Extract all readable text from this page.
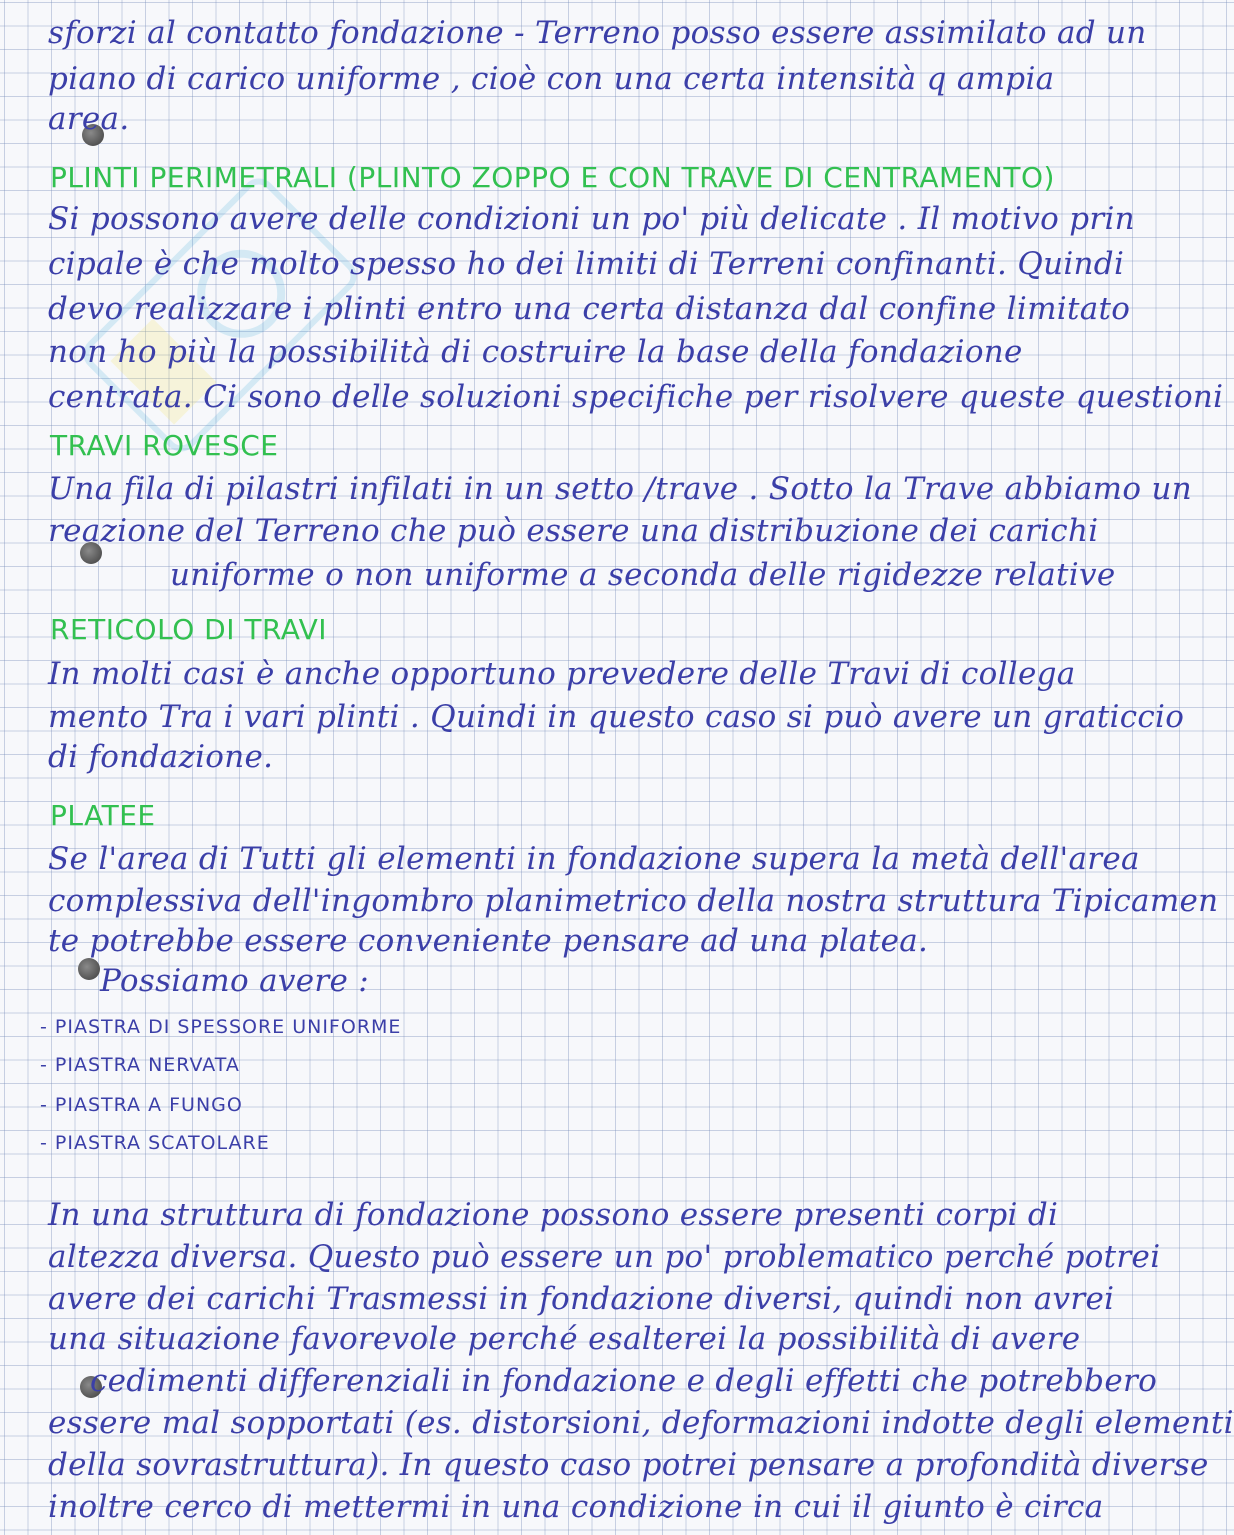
sforzi al contatto fondazione - Terreno posso essere assimilato ad un
piano di carico uniforme , cioè con una certa intensità q ampia
area.
PLINTI PERIMETRALI (PLINTO ZOPPO E CON TRAVE DI CENTRAMENTO)
Si possono avere delle condizioni un po' più delicate . Il motivo prin
cipale è che molto spesso ho dei limiti di Terreni confinanti. Quindi
devo realizzare i plinti entro una certa distanza dal confine limitato
non ho più la possibilità di costruire la base della fondazione
centrata. Ci sono delle soluzioni specifiche per risolvere queste questioni
TRAVI ROVESCE
Una fila di pilastri infilati in un setto /trave . Sotto la Trave abbiamo un
reazione del Terreno che può essere una distribuzione dei carichi
uniforme o non uniforme a seconda delle rigidezze relative
RETICOLO DI TRAVI
In molti casi è anche opportuno prevedere delle Travi di collega
mento Tra i vari plinti . Quindi in questo caso si può avere un graticcio
di fondazione.
PLATEE
Se l'area di Tutti gli elementi in fondazione supera la metà dell'area
complessiva dell'ingombro planimetrico della nostra struttura Tipicamen
te potrebbe essere conveniente pensare ad una platea.
Possiamo avere :
- PIASTRA DI SPESSORE UNIFORME
- PIASTRA NERVATA
- PIASTRA A FUNGO
- PIASTRA SCATOLARE
In una struttura di fondazione possono essere presenti corpi di
altezza diversa. Questo può essere un po' problematico perché potrei
avere dei carichi Trasmessi in fondazione diversi, quindi non avrei
una situazione favorevole perché esalterei la possibilità di avere
cedimenti differenziali in fondazione e degli effetti che potrebbero
essere mal sopportati (es. distorsioni, deformazioni indotte degli elementi
della sovrastruttura). In questo caso potrei pensare a profondità diverse
inoltre cerco di mettermi in una condizione in cui il giunto è circa
